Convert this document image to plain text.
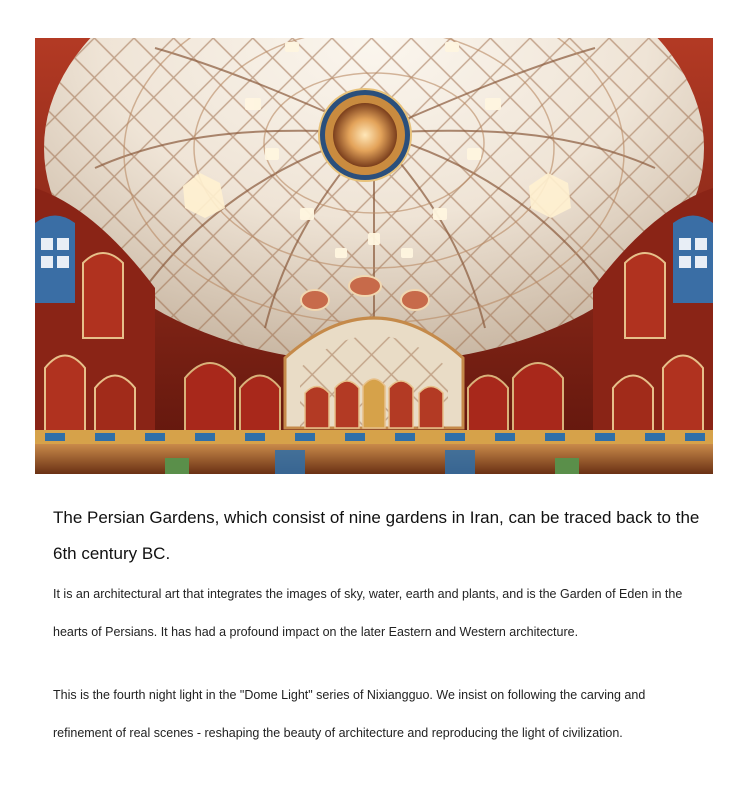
The Persian Gardens, which consist of nine gardens in Iran, can be traced back to the 6th century BC.

It is an architectural art that integrates the images of sky, water, earth and plants, and is the Garden of Eden in the hearts of Persians. It has had a profound impact on the later Eastern and Western architecture.

This is the fourth night light in the "Dome Light" series of Nixiangguo. We insist on following the carving and refinement of real scenes - reshaping the beauty of architecture and reproducing the light of civilization.
